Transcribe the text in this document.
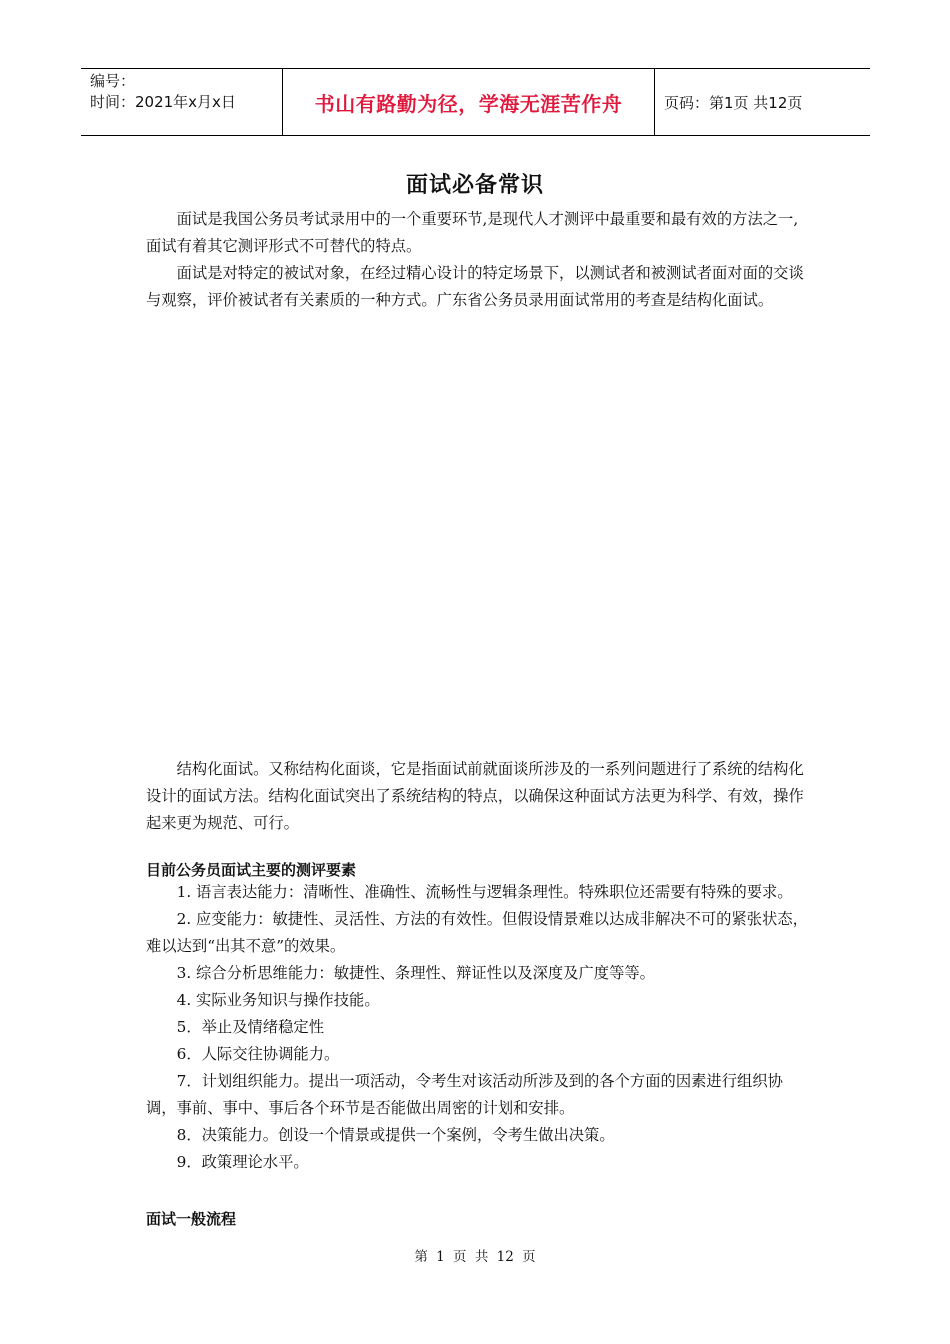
编号：
时间：2021年x月x日	书山有路勤为径，学海无涯苦作舟	页码：第1页 共12页
面试必备常识

面试是我国公务员考试录用中的一个重要环节,是现代人才测评中最重要和最有效的方法之一,面试有着其它测评形式不可替代的特点。

面试是对特定的被试对象，在经过精心设计的特定场景下，以测试者和被测试者面对面的交谈与观察，评价被试者有关素质的一种方式。广东省公务员录用面试常用的考查是结构化面试。

结构化面试。又称结构化面谈，它是指面试前就面谈所涉及的一系列问题进行了系统的结构化设计的面试方法。结构化面试突出了系统结构的特点，以确保这种面试方法更为科学、有效，操作起来更为规范、可行。

目前公务员面试主要的测评要素
1. 语言表达能力：清晰性、准确性、流畅性与逻辑条理性。特殊职位还需要有特殊的要求。
2. 应变能力：敏捷性、灵活性、方法的有效性。但假设情景难以达成非解决不可的紧张状态，难以达到“出其不意”的效果。
3. 综合分析思维能力：敏捷性、条理性、辩证性以及深度及广度等等。
4. 实际业务知识与操作技能。
5．举止及情绪稳定性
6．人际交往协调能力。
7．计划组织能力。提出一项活动，令考生对该活动所涉及到的各个方面的因素进行组织协调，事前、事中、事后各个环节是否能做出周密的计划和安排。
8．决策能力。创设一个情景或提供一个案例，令考生做出决策。
9．政策理论水平。
面试一般流程
第 1 页 共 12 页
